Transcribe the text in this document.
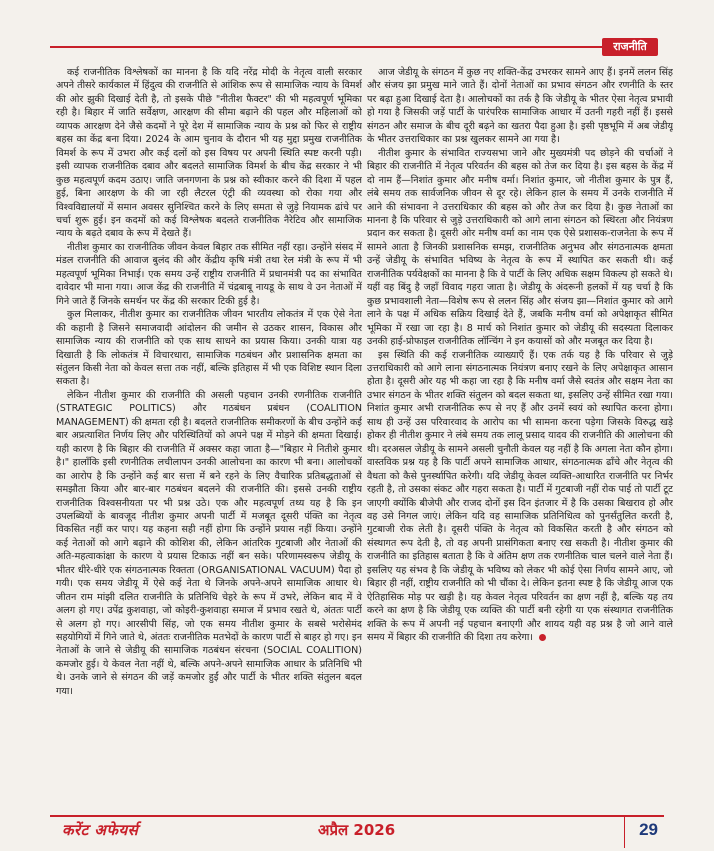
राजनीति

कई राजनीतिक विश्लेषकों का मानना है कि यदि नरेंद्र मोदी के नेतृत्व वाली सरकार अपने तीसरे कार्यकाल में हिंदुत्व की राजनीति से आंशिक रूप से सामाजिक न्याय के विमर्श की ओर झुकी दिखाई देती है, तो इसके पीछे "नीतीश फैक्टर" की भी महत्वपूर्ण भूमिका रही है। बिहार में जाति सर्वेक्षण, आरक्षण की सीमा बढ़ाने की पहल और महिलाओं को व्यापक आरक्षण देने जैसे कदमों ने पूरे देश में सामाजिक न्याय के प्रश्न को फिर से राष्ट्रीय बहस का केंद्र बना दिया। 2024 के आम चुनाव के दौरान भी यह मुद्दा प्रमुख राजनीतिक विमर्श के रूप में उभरा और कई दलों को इस विषय पर अपनी स्थिति स्पष्ट करनी पड़ी। इसी व्यापक राजनीतिक दबाव और बदलते सामाजिक विमर्श के बीच केंद्र सरकार ने भी कुछ महत्वपूर्ण कदम उठाए। जाति जनगणना के प्रश्न को स्वीकार करने की दिशा में पहल हुई, बिना आरक्षण के की जा रही लैटरल एंट्री की व्यवस्था को रोका गया और विश्वविद्यालयों में समान अवसर सुनिश्चित करने के लिए समता से जुड़े नियामक ढांचे पर चर्चा शुरू हुई। इन कदमों को कई विश्लेषक बदलते राजनीतिक नैरेटिव और सामाजिक न्याय के बढ़ते दबाव के रूप में देखते हैं।

नीतीश कुमार का राजनीतिक जीवन केवल बिहार तक सीमित नहीं रहा। उन्होंने संसद में मंडल राजनीति की आवाज बुलंद की और केंद्रीय कृषि मंत्री तथा रेल मंत्री के रूप में भी महत्वपूर्ण भूमिका निभाई। एक समय उन्हें राष्ट्रीय राजनीति में प्रधानमंत्री पद का संभावित दावेदार भी माना गया। आज केंद्र की राजनीति में चंद्रबाबू नायडू के साथ वे उन नेताओं में गिने जाते हैं जिनके समर्थन पर केंद्र की सरकार टिकी हुई है।

कुल मिलाकर, नीतीश कुमार का राजनीतिक जीवन भारतीय लोकतंत्र में एक ऐसे नेता की कहानी है जिसने समाजवादी आंदोलन की जमीन से उठकर शासन, विकास और सामाजिक न्याय की राजनीति को एक साथ साधने का प्रयास किया। उनकी यात्रा यह दिखाती है कि लोकतंत्र में विचारधारा, सामाजिक गठबंधन और प्रशासनिक क्षमता का संतुलन किसी नेता को केवल सत्ता तक नहीं, बल्कि इतिहास में भी एक विशिष्ट स्थान दिला सकता है।

लेकिन नीतीश कुमार की राजनीति की असली पहचान उनकी रणनीतिक राजनीति (STRATEGIC POLITICS) और गठबंधन प्रबंधन (COALITION MANAGEMENT) की क्षमता रही है। बदलते राजनीतिक समीकरणों के बीच उन्होंने कई बार अप्रत्याशित निर्णय लिए और परिस्थितियों को अपने पक्ष में मोड़ने की क्षमता दिखाई। यही कारण है कि बिहार की राजनीति में अक्सर कहा जाता है—"बिहार मे नितीशे कुमार है।" हालाँकि इसी रणनीतिक लचीलापन उनकी आलोचना का कारण भी बना। आलोचकों का आरोप है कि उन्होंने कई बार सत्ता में बने रहने के लिए वैचारिक प्रतिबद्धताओं से समझौता किया और बार-बार गठबंधन बदलने की राजनीति की। इससे उनकी राष्ट्रीय राजनीतिक विश्वसनीयता पर भी प्रश्न उठे। एक और महत्वपूर्ण तथ्य यह है कि इन उपलब्धियों के बावजूद नीतीश कुमार अपनी पार्टी में मजबूत दूसरी पंक्ति का नेतृत्व विकसित नहीं कर पाए। यह कहना सही नहीं होगा कि उन्होंने प्रयास नहीं किया। उन्होंने कई नेताओं को आगे बढ़ाने की कोशिश की, लेकिन आंतरिक गुटबाजी और नेताओं की अति-महत्वाकांक्षा के कारण ये प्रयास टिकाऊ नहीं बन सके। परिणामस्वरूप जेडीयू के भीतर धीरे-धीरे एक संगठनात्मक रिक्तता (ORGANISATIONAL VACUUM) पैदा हो गयी। एक समय जेडीयू में ऐसे कई नेता थे जिनके अपने-अपने सामाजिक आधार थे। जीतन राम मांझी दलित राजनीति के प्रतिनिधि चेहरे के रूप में उभरे, लेकिन बाद में वे अलग हो गए। उपेंद्र कुशवाहा, जो कोइरी-कुशवाहा समाज में प्रभाव रखते थे, अंततः पार्टी से अलग हो गए। आरसीपी सिंह, जो एक समय नीतीश कुमार के सबसे भरोसेमंद सहयोगियों में गिने जाते थे, अंततः राजनीतिक मतभेदों के कारण पार्टी से बाहर हो गए। इन नेताओं के जाने से जेडीयू की सामाजिक गठबंधन संरचना (SOCIAL COALITION) कमजोर हुई। ये केवल नेता नहीं थे, बल्कि अपने-अपने सामाजिक आधार के प्रतिनिधि भी थे। उनके जाने से संगठन की जड़ें कमजोर हुईं और पार्टी के भीतर शक्ति संतुलन बदल गया।

आज जेडीयू के संगठन में कुछ नए शक्ति-केंद्र उभरकर सामने आए हैं। इनमें ललन सिंह और संजय झा प्रमुख माने जाते हैं। दोनों नेताओं का प्रभाव संगठन और रणनीति के स्तर पर बढ़ा हुआ दिखाई देता है। आलोचकों का तर्क है कि जेडीयू के भीतर ऐसा नेतृत्व प्रभावी हो गया है जिसकी जड़ें पार्टी के पारंपरिक सामाजिक आधार में उतनी गहरी नहीं हैं। इससे संगठन और समाज के बीच दूरी बढ़ने का खतरा पैदा हुआ है। इसी पृष्ठभूमि में अब जेडीयू के भीतर उत्तराधिकार का प्रश्न खुलकर सामने आ गया है।

नीतीश कुमार के संभावित राज्यसभा जाने और मुख्यमंत्री पद छोड़ने की चर्चाओं ने बिहार की राजनीति में नेतृत्व परिवर्तन की बहस को तेज कर दिया है। इस बहस के केंद्र में दो नाम हैं—निशांत कुमार और मनीष वर्मा। निशांत कुमार, जो नीतीश कुमार के पुत्र हैं, लंबे समय तक सार्वजनिक जीवन से दूर रहे। लेकिन हाल के समय में उनके राजनीति में आने की संभावना ने उत्तराधिकार की बहस को और तेज कर दिया है। कुछ नेताओं का मानना है कि परिवार से जुड़े उत्तराधिकारी को आगे लाना संगठन को स्थिरता और नियंत्रण प्रदान कर सकता है। दूसरी ओर मनीष वर्मा का नाम एक ऐसे प्रशासक-राजनेता के रूप में सामने आता है जिनकी प्रशासनिक समझ, राजनीतिक अनुभव और संगठनात्मक क्षमता उन्हें जेडीयू के संभावित भविष्य के नेतृत्व के रूप में स्थापित कर सकती थी। कई राजनीतिक पर्यवेक्षकों का मानना है कि वे पार्टी के लिए अधिक सक्षम विकल्प हो सकते थे। यहीं वह बिंदु है जहाँ विवाद गहरा जाता है। जेडीयू के अंदरूनी हलकों में यह चर्चा है कि कुछ प्रभावशाली नेता—विशेष रूप से ललन सिंह और संजय झा—निशांत कुमार को आगे लाने के पक्ष में अधिक सक्रिय दिखाई देते हैं, जबकि मनीष वर्मा को अपेक्षाकृत सीमित भूमिका में रखा जा रहा है। 8 मार्च को निशांत कुमार को जेडीयू की सदस्यता दिलाकर उनकी हाई-प्रोफाइल राजनीतिक लॉन्चिंग ने इन कयासों को और मजबूत कर दिया है।

इस स्थिति की कई राजनीतिक व्याख्याएँ हैं। एक तर्क यह है कि परिवार से जुड़े उत्तराधिकारी को आगे लाना संगठनात्मक नियंत्रण बनाए रखने के लिए अपेक्षाकृत आसान होता है। दूसरी ओर यह भी कहा जा रहा है कि मनीष वर्मा जैसे स्वतंत्र और सक्षम नेता का उभार संगठन के भीतर शक्ति संतुलन को बदल सकता था, इसलिए उन्हें सीमित रखा गया। निशांत कुमार अभी राजनीतिक रूप से नए हैं और उनमें स्वयं को स्थापित करना होगा। साथ ही उन्हें उस परिवारवाद के आरोप का भी सामना करना पड़ेगा जिसके विरुद्ध खड़े होकर ही नीतीश कुमार ने लंबे समय तक लालू प्रसाद यादव की राजनीति की आलोचना की थी। दरअसल जेडीयू के सामने असली चुनौती केवल यह नहीं है कि अगला नेता कौन होगा। वास्तविक प्रश्न यह है कि पार्टी अपने सामाजिक आधार, संगठनात्मक ढाँचे और नेतृत्व की वैधता को कैसे पुनर्स्थापित करेगी। यदि जेडीयू केवल व्यक्ति-आधारित राजनीति पर निर्भर रहती है, तो उसका संकट और गहरा सकता है। पार्टी में गुटबाजी नहीं रोक पाई तो पार्टी टूट जाएगी क्योंकि बीजेपी और राजद दोनों इस दिन इंतजार में है कि उसका बिखराव हो और वह उसे निगल जाएं। लेकिन यदि वह सामाजिक प्रतिनिधित्व को पुनर्संतुलित करती है, गुटबाजी रोक लेती है। दूसरी पंक्ति के नेतृत्व को विकसित करती है और संगठन को संस्थागत रूप देती है, तो वह अपनी प्रासंगिकता बनाए रख सकती है। नीतीश कुमार की राजनीति का इतिहास बताता है कि वे अंतिम क्षण तक रणनीतिक चाल चलने वाले नेता हैं। इसलिए यह संभव है कि जेडीयू के भविष्य को लेकर भी कोई ऐसा निर्णय सामने आए, जो बिहार ही नहीं, राष्ट्रीय राजनीति को भी चौंका दे। लेकिन इतना स्पष्ट है कि जेडीयू आज एक ऐतिहासिक मोड़ पर खड़ी है। यह केवल नेतृत्व परिवर्तन का क्षण नहीं है, बल्कि यह तय करने का क्षण है कि जेडीयू एक व्यक्ति की पार्टी बनी रहेगी या एक संस्थागत राजनीतिक शक्ति के रूप में अपनी नई पहचान बनाएगी और शायद यही वह प्रश्न है जो आने वाले समय में बिहार की राजनीति की दिशा तय करेगा।

करेंट अफेयर्स	अप्रैल 2026	29
